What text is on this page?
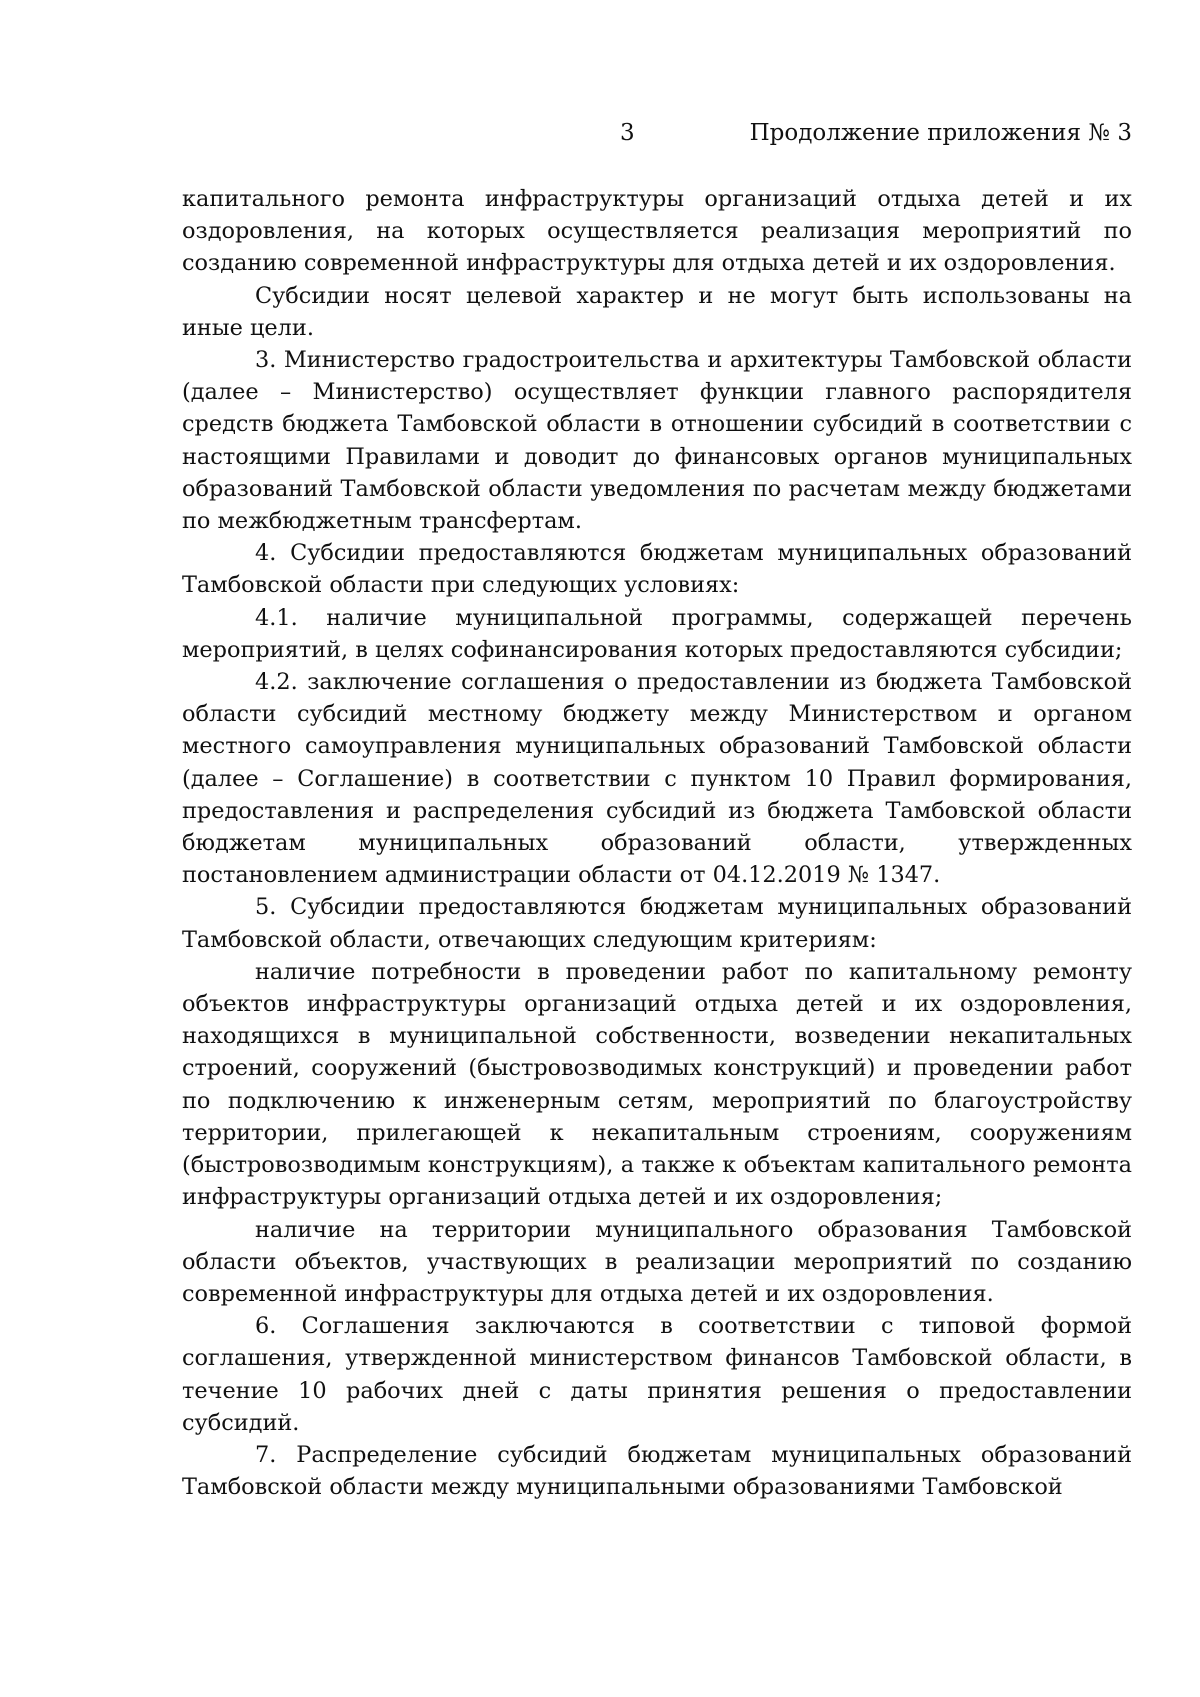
3	Продолжение приложения № 3

капитального ремонта инфраструктуры организаций отдыха детей и их оздоровления, на которых осуществляется реализация мероприятий по созданию современной инфраструктуры для отдыха детей и их оздоровления.

Субсидии носят целевой характер и не могут быть использованы на иные цели.

3. Министерство градостроительства и архитектуры Тамбовской области (далее – Министерство) осуществляет функции главного распорядителя средств бюджета Тамбовской области в отношении субсидий в соответствии с настоящими Правилами и доводит до финансовых органов муниципальных образований Тамбовской области уведомления по расчетам между бюджетами по межбюджетным трансфертам.

4. Субсидии предоставляются бюджетам муниципальных образований Тамбовской области при следующих условиях:

4.1. наличие муниципальной программы, содержащей перечень мероприятий, в целях софинансирования которых предоставляются субсидии;

4.2. заключение соглашения о предоставлении из бюджета Тамбовской области субсидий местному бюджету между Министерством и органом местного самоуправления муниципальных образований Тамбовской области (далее – Соглашение) в соответствии с пунктом 10 Правил формирования, предоставления и распределения субсидий из бюджета Тамбовской области бюджетам муниципальных образований области, утвержденных постановлением администрации области от 04.12.2019 № 1347.

5. Субсидии предоставляются бюджетам муниципальных образований Тамбовской области, отвечающих следующим критериям:

наличие потребности в проведении работ по капитальному ремонту объектов инфраструктуры организаций отдыха детей и их оздоровления, находящихся в муниципальной собственности, возведении некапитальных строений, сооружений (быстровозводимых конструкций) и проведении работ по подключению к инженерным сетям, мероприятий по благоустройству территории, прилегающей к некапитальным строениям, сооружениям (быстровозводимым конструкциям), а также к объектам капитального ремонта инфраструктуры организаций отдыха детей и их оздоровления;

наличие на территории муниципального образования Тамбовской области объектов, участвующих в реализации мероприятий по созданию современной инфраструктуры для отдыха детей и их оздоровления.

6. Соглашения заключаются в соответствии с типовой формой соглашения, утвержденной министерством финансов Тамбовской области, в течение 10 рабочих дней с даты принятия решения о предоставлении субсидий.

7. Распределение субсидий бюджетам муниципальных образований Тамбовской области между муниципальными образованиями Тамбовской
